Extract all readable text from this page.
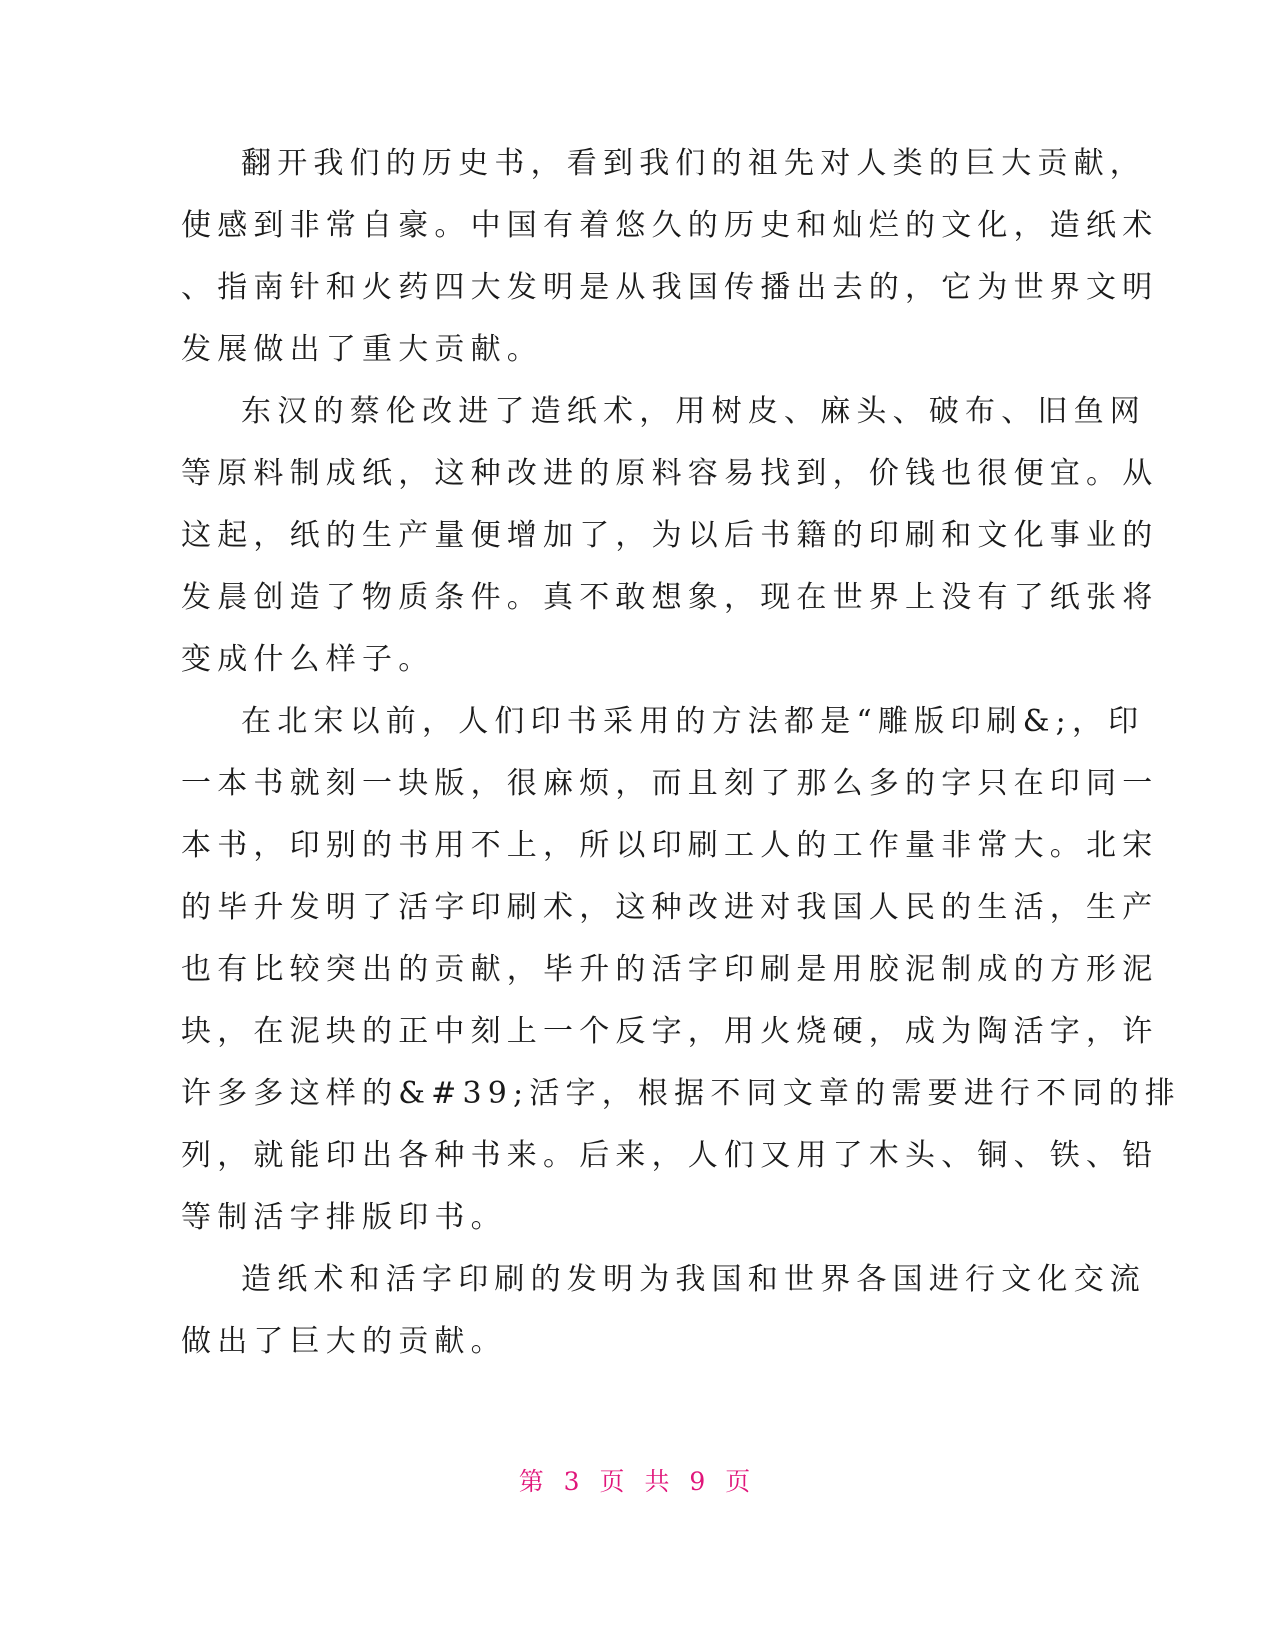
翻开我们的历史书，看到我们的祖先对人类的巨大贡献，
使感到非常自豪。中国有着悠久的历史和灿烂的文化，造纸术
、指南针和火药四大发明是从我国传播出去的，它为世界文明
发展做出了重大贡献。
东汉的蔡伦改进了造纸术，用树皮、麻头、破布、旧鱼网
等原料制成纸，这种改进的原料容易找到，价钱也很便宜。从
这起，纸的生产量便增加了，为以后书籍的印刷和文化事业的
发晨创造了物质条件。真不敢想象，现在世界上没有了纸张将
变成什么样子。
在北宋以前，人们印书采用的方法都是“雕版印刷&;，印
一本书就刻一块版，很麻烦，而且刻了那么多的字只在印同一
本书，印别的书用不上，所以印刷工人的工作量非常大。北宋
的毕升发明了活字印刷术，这种改进对我国人民的生活，生产
也有比较突出的贡献，毕升的活字印刷是用胶泥制成的方形泥
块，在泥块的正中刻上一个反字，用火烧硬，成为陶活字，许
许多多这样的&#39;活字，根据不同文章的需要进行不同的排
列，就能印出各种书来。后来，人们又用了木头、铜、铁、铅
等制活字排版印书。
造纸术和活字印刷的发明为我国和世界各国进行文化交流
做出了巨大的贡献。
第 3 页 共 9 页
